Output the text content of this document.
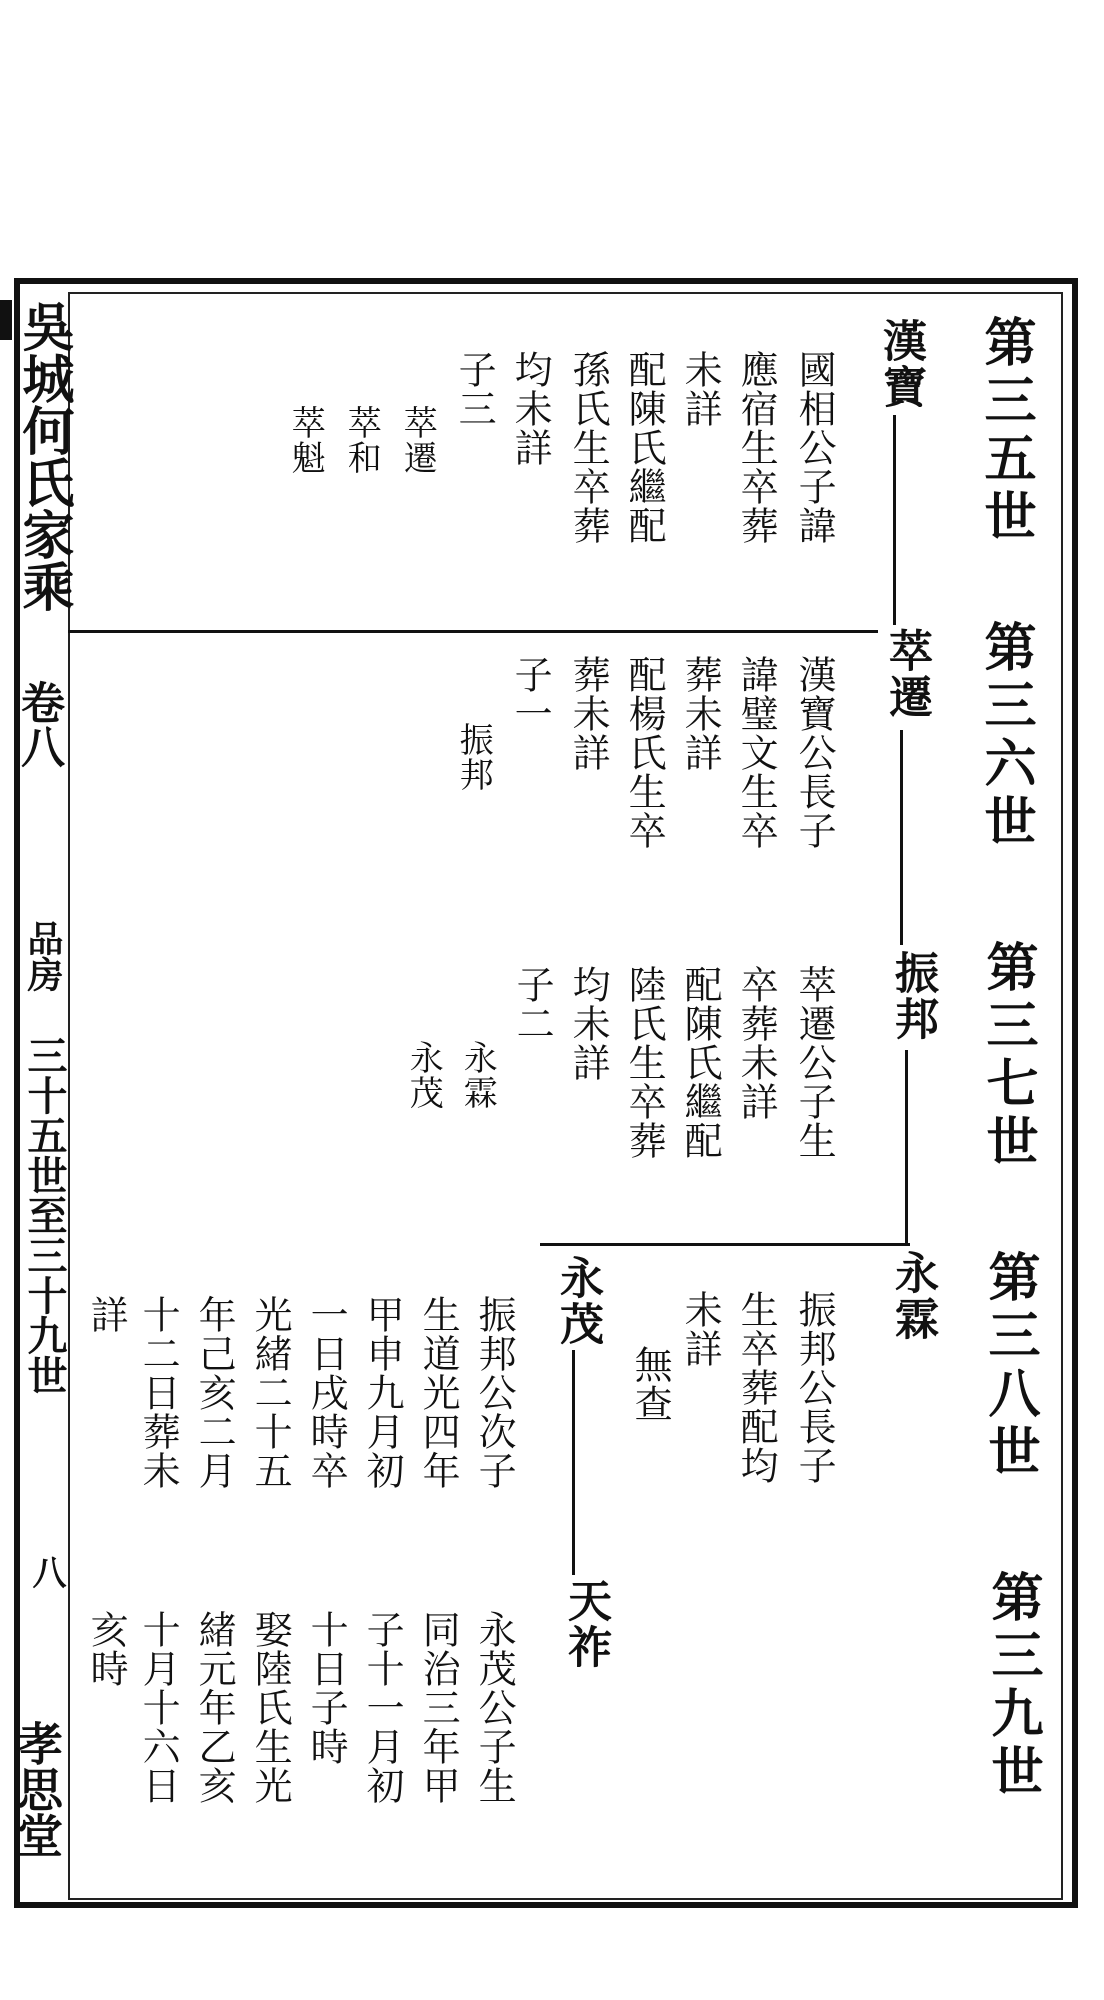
吳城何氏家乘
卷八
品房
三十五世至三十九世
八
孝思堂
第三五世
第三六世
第三七世
第三八世
第三九世
漢寶
萃遷
振邦
永霖
永茂
天祚
國相公子諱
應宿生卒葬
未詳
配陳氏繼配
孫氏生卒葬
均未詳
子三
萃遷
萃和
萃魁
漢寶公長子
諱璧文生卒
葬未詳
配楊氏生卒
葬未詳
子一
振邦
萃遷公子生
卒葬未詳
配陳氏繼配
陸氏生卒葬
均未詳
子二
永霖
永茂
振邦公長子
生卒葬配均
未詳
無查
振邦公次子
生道光四年
甲申九月初
一日戌時卒
光緒二十五
年己亥二月
十二日葬未
詳
永茂公子生
同治三年甲
子十一月初
十日子時
娶陸氏生光
緒元年乙亥
十月十六日
亥時
